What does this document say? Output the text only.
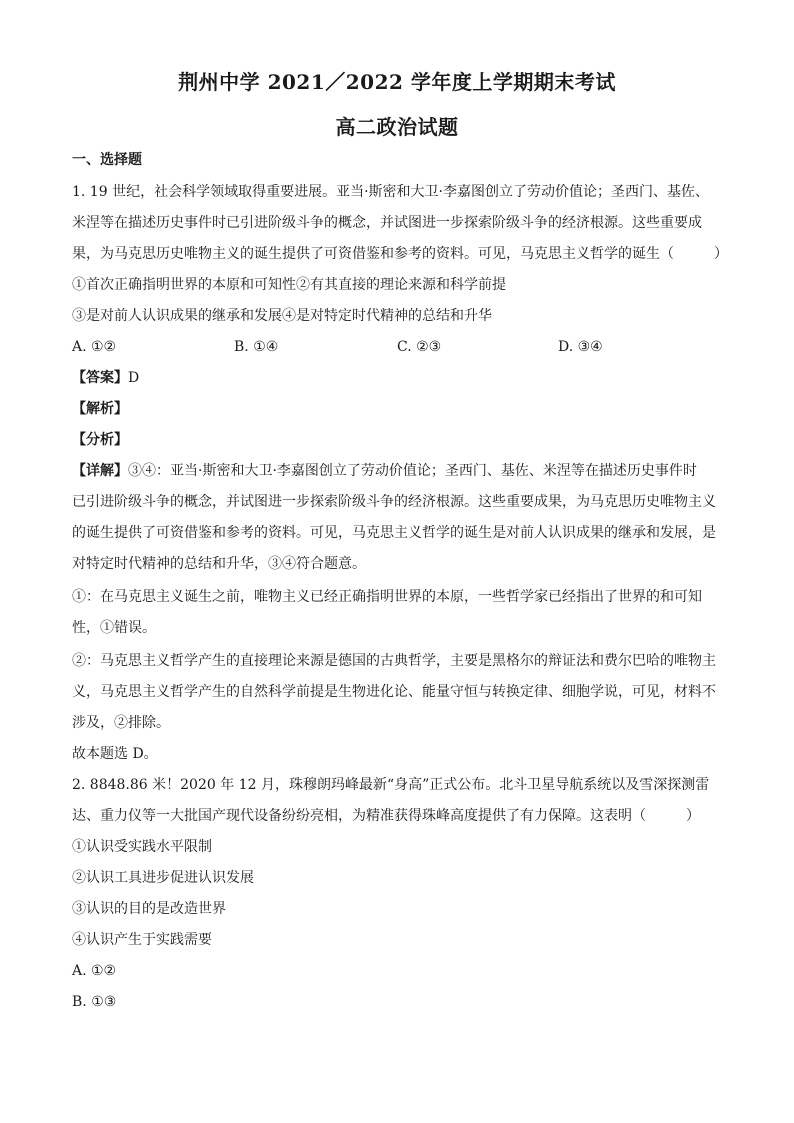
荆州中学 2021／2022 学年度上学期期末考试
高二政治试题
一、选择题
1. 19 世纪，社会科学领域取得重要进展。亚当·斯密和大卫·李嘉图创立了劳动价值论；圣西门、基佐、
米涅等在描述历史事件时已引进阶级斗争的概念，并试图进一步探索阶级斗争的经济根源。这些重要成
果，为马克思历史唯物主义的诞生提供了可资借鉴和参考的资料。可见，马克思主义哲学的诞生（	）
①首次正确指明世界的本原和可知性②有其直接的理论来源和科学前提
③是对前人认识成果的继承和发展④是对特定时代精神的总结和升华
A. ①②	B. ①④	C. ②③	D. ③④
【答案】D
【解析】
【分析】
【详解】③④：亚当·斯密和大卫·李嘉图创立了劳动价值论；圣西门、基佐、米涅等在描述历史事件时
已引进阶级斗争的概念，并试图进一步探索阶级斗争的经济根源。这些重要成果，为马克思历史唯物主义
的诞生提供了可资借鉴和参考的资料。可见，马克思主义哲学的诞生是对前人认识成果的继承和发展，是
对特定时代精神的总结和升华，③④符合题意。
①：在马克思主义诞生之前，唯物主义已经正确指明世界的本原，一些哲学家已经指出了世界的和可知
性，①错误。
②：马克思主义哲学产生的直接理论来源是德国的古典哲学，主要是黑格尔的辩证法和费尔巴哈的唯物主
义，马克思主义哲学产生的自然科学前提是生物进化论、能量守恒与转换定律、细胞学说，可见，材料不
涉及，②排除。
故本题选 D。
2. 8848.86 米！2020 年 12 月，珠穆朗玛峰最新“身高”正式公布。北斗卫星导航系统以及雪深探测雷
达、重力仪等一大批国产现代设备纷纷亮相，为精准获得珠峰高度提供了有力保障。这表明（	）
①认识受实践水平限制
②认识工具进步促进认识发展
③认识的目的是改造世界
④认识产生于实践需要
A. ①②
B. ①③
